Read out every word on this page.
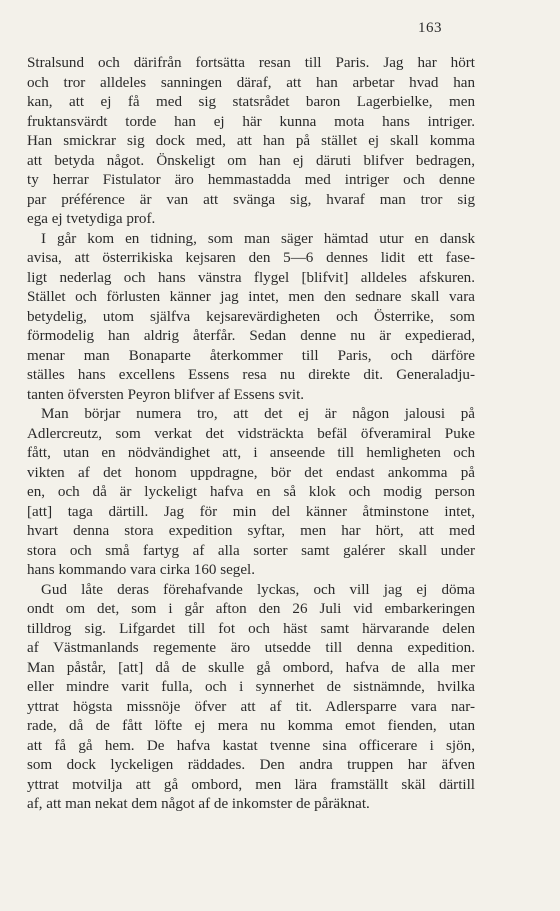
163
Stralsund och därifrån fortsätta resan till Paris. Jag har hört
och tror alldeles sanningen däraf, att han arbetar hvad han
kan, att ej få med sig statsrådet baron Lagerbielke, men
fruktansvärdt torde han ej här kunna mota hans intriger.
Han smickrar sig dock med, att han på stället ej skall komma
att betyda något. Önskeligt om han ej däruti blifver bedragen,
ty herrar Fistulator äro hemmastadda med intriger och denne
par préférence är van att svänga sig, hvaraf man tror sig
ega ej tvetydiga prof.
I går kom en tidning, som man säger hämtad utur en dansk
avisa, att österrikiska kejsaren den 5—6 dennes lidit ett fase-
ligt nederlag och hans vänstra flygel [blifvit] alldeles afskuren.
Stället och förlusten känner jag intet, men den sednare skall vara
betydelig, utom själfva kejsarevärdigheten och Österrike, som
förmodelig han aldrig återfår. Sedan denne nu är expedierad,
menar man Bonaparte återkommer till Paris, och därföre
ställes hans excellens Essens resa nu direkte dit. Generaladju-
tanten öfversten Peyron blifver af Essens svit.
Man börjar numera tro, att det ej är någon jalousi på
Adlercreutz, som verkat det vidsträckta befäl öfveramiral Puke
fått, utan en nödvändighet att, i anseende till hemligheten och
vikten af det honom uppdragne, bör det endast ankomma på
en, och då är lyckeligt hafva en så klok och modig person
[att] taga därtill. Jag för min del känner åtminstone intet,
hvart denna stora expedition syftar, men har hört, att med
stora och små fartyg af alla sorter samt galérer skall under
hans kommando vara cirka 160 segel.
Gud låte deras förehafvande lyckas, och vill jag ej döma
ondt om det, som i går afton den 26 Juli vid embarkeringen
tilldrog sig. Lifgardet till fot och häst samt härvarande delen
af Västmanlands regemente äro utsedde till denna expedition.
Man påstår, [att] då de skulle gå ombord, hafva de alla mer
eller mindre varit fulla, och i synnerhet de sistnämnde, hvilka
yttrat högsta missnöje öfver att af tit. Adlersparre vara nar-
rade, då de fått löfte ej mera nu komma emot fienden, utan
att få gå hem. De hafva kastat tvenne sina officerare i sjön,
som dock lyckeligen räddades. Den andra truppen har äfven
yttrat motvilja att gå ombord, men lära framställt skäl därtill
af, att man nekat dem något af de inkomster de påräknat.
